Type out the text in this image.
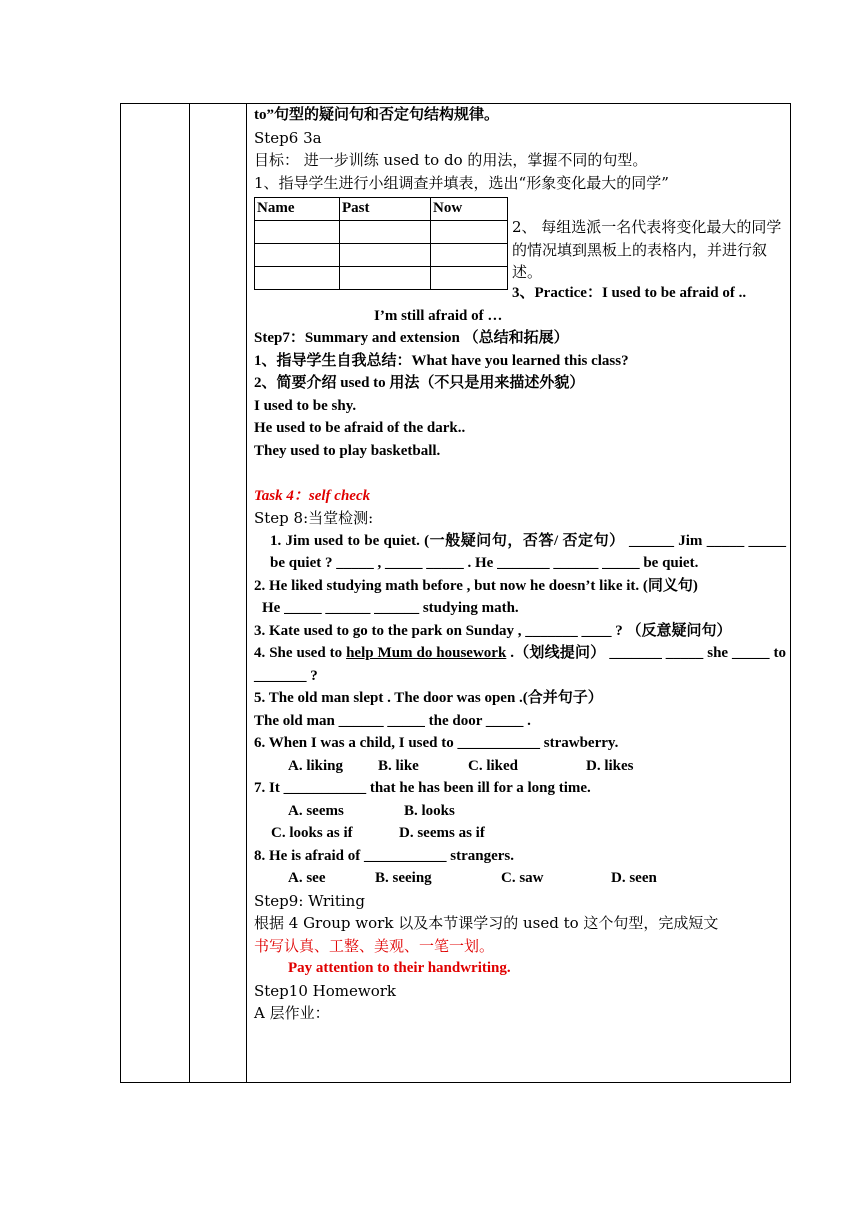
to”句型的疑问句和否定句结构规律。
Step6 3a
目标： 进一步训练 used to do 的用法，掌握不同的句型。
1、指导学生进行小组调查并填表，选出“形象变化最大的同学”
Name	Past	Now

2、 每组选派一名代表将变化最大的同学的情况填到黑板上的表格内，并进行叙述。
3、Practice：I used to be afraid of ..
I’m still afraid of …
Step7：Summary and extension （总结和拓展）
1、指导学生自我总结：What have you learned this class?
2、简要介绍 used to 用法（不只是用来描述外貌）
I used to be shy.
He used to be afraid of the dark..
They used to play basketball.

Task 4：self check
Step 8:当堂检测:
1. Jim used to be quiet. (一般疑问句，否答/ 否定句） ______ Jim _____ _____ be quiet ? _____ , _____ _____ . He _______ ______ _____ be quiet.
2. He liked studying math before , but now he doesn’t like it. (同义句)
He _____ ______ ______ studying math.
3. Kate used to go to the park on Sunday , _______ ____ ? （反意疑问句）
4. She used to help Mum do housework .（划线提问） _______ _____ she _____ to _______ ?
5. The old man slept . The door was open .(合并句子）
The old man ______ _____ the door _____ .
6. When I was a child, I used to ___________ strawberry.
A. liking B. like	C. liked	D. likes
7. It ___________ that he has been ill for a long time.
A. seems	B. looks
C. looks as if	D. seems as if
8. He is afraid of ___________ strangers.
A. see	B. seeing	C. saw	D. seen
Step9: Writing
根据 4 Group work 以及本节课学习的 used to 这个句型，完成短文
书写认真、工整、美观、一笔一划。
Pay attention to their handwriting.
Step10 Homework
A 层作业：
